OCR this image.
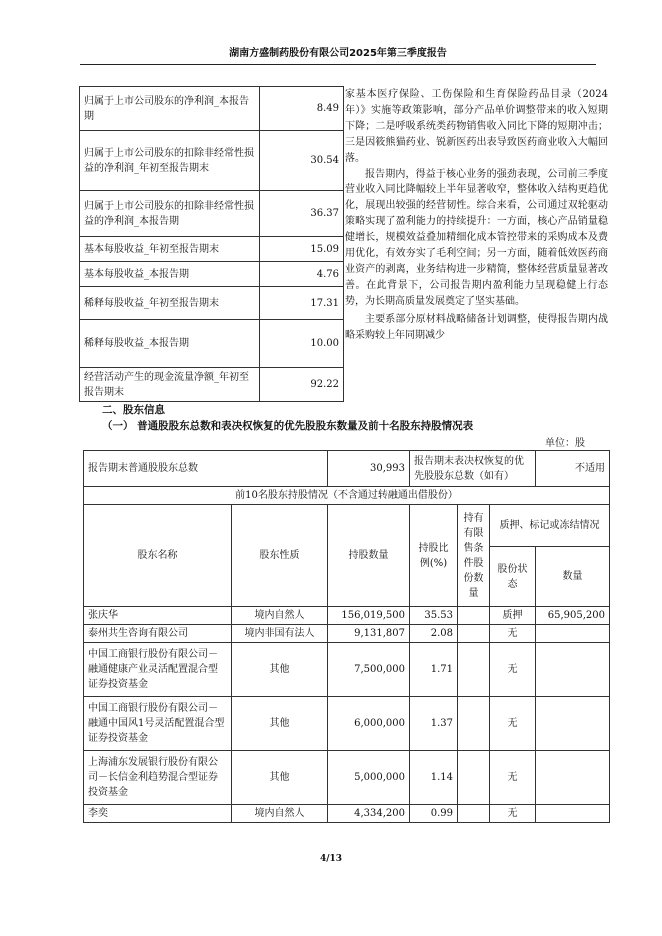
湖南方盛制药股份有限公司2025年第三季度报告
归属于上市公司股东的净利润_本报告期	8.49
归属于上市公司股东的扣除非经常性损益的净利润_年初至报告期末	30.54
归属于上市公司股东的扣除非经常性损益的净利润_本报告期	36.37
基本每股收益_年初至报告期末	15.09
基本每股收益_本报告期	4.76
稀释每股收益_年初至报告期末	17.31
稀释每股收益_本报告期	10.00
经营活动产生的现金流量净额_年初至报告期末	92.22

家基本医疗保险、工伤保险和生育保险药品目录（2024年）》实施等政策影响，部分产品单价调整带来的收入短期下降；二是呼吸系统类药物销售收入同比下降的短期冲击；三是因筱熊猫药业、锐新医药出表导致医药商业收入大幅回落。

报告期内，得益于核心业务的强劲表现，公司前三季度营业收入同比降幅较上半年显著收窄，整体收入结构更趋优化，展现出较强的经营韧性。综合来看，公司通过双轮驱动策略实现了盈利能力的持续提升：一方面，核心产品销量稳健增长，规模效益叠加精细化成本管控带来的采购成本及费用优化，有效夯实了毛利空间；另一方面，随着低效医药商业资产的剥离，业务结构进一步精简，整体经营质量显著改善。在此背景下，公司报告期内盈利能力呈现稳健上行态势，为长期高质量发展奠定了坚实基础。

主要系部分原材料战略储备计划调整，使得报告期内战略采购较上年同期减少

二、股东信息
（一） 普通股股东总数和表决权恢复的优先股股东数量及前十名股东持股情况表
单位：股
报告期末普通股股东总数		30,993	报告期末表决权恢复的优先股股东总数（如有）			不适用
前10名股东持股情况（不含通过转融通出借股份）						
股东名称	股东性质	持股数量	持股比例(%)	持有有限售条件股份数量	质押、标记或冻结情况	
					股份状态	数量
张庆华	境内自然人	156,019,500	35.53		质押	65,905,200
泰州共生咨询有限公司	境内非国有法人	9,131,807	2.08		无	
中国工商银行股份有限公司－融通健康产业灵活配置混合型证券投资基金	其他	7,500,000	1.71		无	
中国工商银行股份有限公司－融通中国风1号灵活配置混合型证券投资基金	其他	6,000,000	1.37		无	
上海浦东发展银行股份有限公司－长信金利趋势混合型证券投资基金	其他	5,000,000	1.14		无	
李奕	境内自然人	4,334,200	0.99		无	
4/13
